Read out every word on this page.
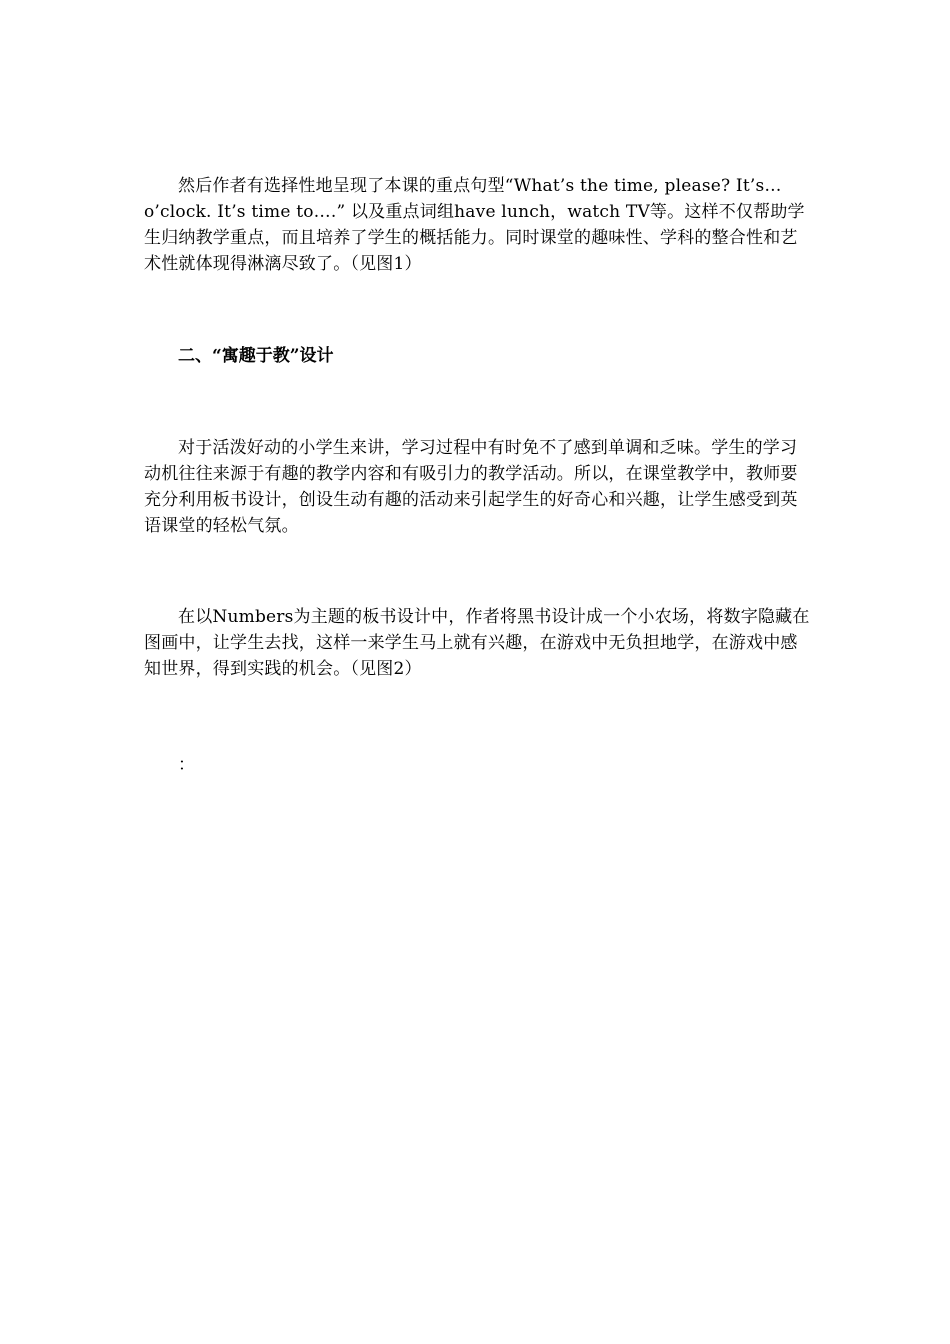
然后作者有选择性地呈现了本课的重点句型“What’s the time, please? It’s… o’clock. It’s time to….” 以及重点词组have lunch，watch TV等。这样不仅帮助学生归纳教学重点，而且培养了学生的概括能力。同时课堂的趣味性、学科的整合性和艺术性就体现得淋漓尽致了。（见图1）

二、“寓趣于教”设计

对于活泼好动的小学生来讲，学习过程中有时免不了感到单调和乏味。学生的学习动机往往来源于有趣的教学内容和有吸引力的教学活动。所以，在课堂教学中，教师要充分利用板书设计，创设生动有趣的活动来引起学生的好奇心和兴趣，让学生感受到英语课堂的轻松气氛。

在以Numbers为主题的板书设计中，作者将黑书设计成一个小农场，将数字隐藏在图画中，让学生去找，这样一来学生马上就有兴趣，在游戏中无负担地学，在游戏中感知世界，得到实践的机会。（见图2）

：
